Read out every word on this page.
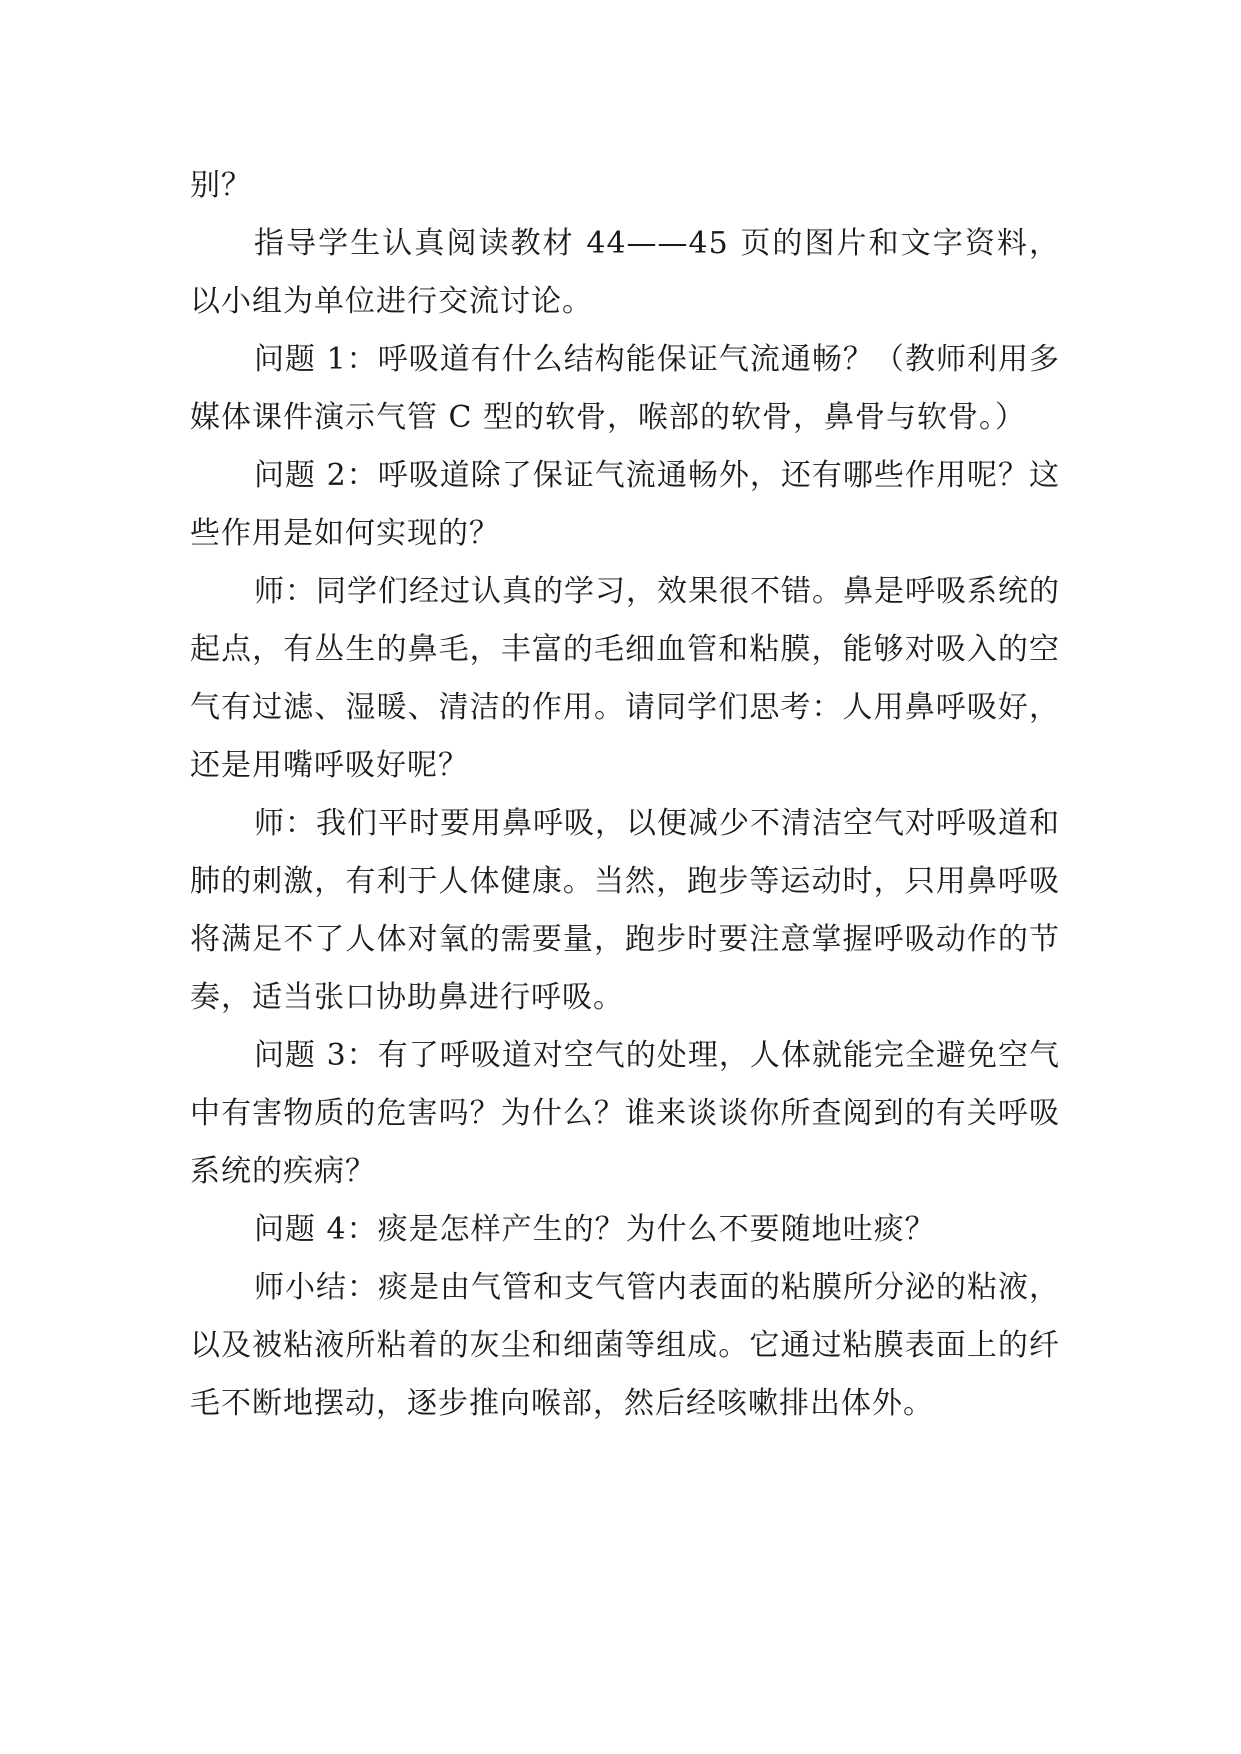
别？

指导学生认真阅读教材 44——45 页的图片和文字资料，以小组为单位进行交流讨论。

问题 1：呼吸道有什么结构能保证气流通畅？（教师利用多媒体课件演示气管 C 型的软骨，喉部的软骨，鼻骨与软骨。）

问题 2：呼吸道除了保证气流通畅外，还有哪些作用呢？这些作用是如何实现的？

师：同学们经过认真的学习，效果很不错。鼻是呼吸系统的起点，有丛生的鼻毛，丰富的毛细血管和粘膜，能够对吸入的空气有过滤、湿暖、清洁的作用。请同学们思考：人用鼻呼吸好，还是用嘴呼吸好呢？

师：我们平时要用鼻呼吸，以便减少不清洁空气对呼吸道和肺的刺激，有利于人体健康。当然，跑步等运动时，只用鼻呼吸将满足不了人体对氧的需要量，跑步时要注意掌握呼吸动作的节奏，适当张口协助鼻进行呼吸。

问题 3：有了呼吸道对空气的处理，人体就能完全避免空气中有害物质的危害吗？为什么？谁来谈谈你所查阅到的有关呼吸系统的疾病？

问题 4：痰是怎样产生的？为什么不要随地吐痰？

师小结：痰是由气管和支气管内表面的粘膜所分泌的粘液，以及被粘液所粘着的灰尘和细菌等组成。它通过粘膜表面上的纤毛不断地摆动，逐步推向喉部，然后经咳嗽排出体外。
